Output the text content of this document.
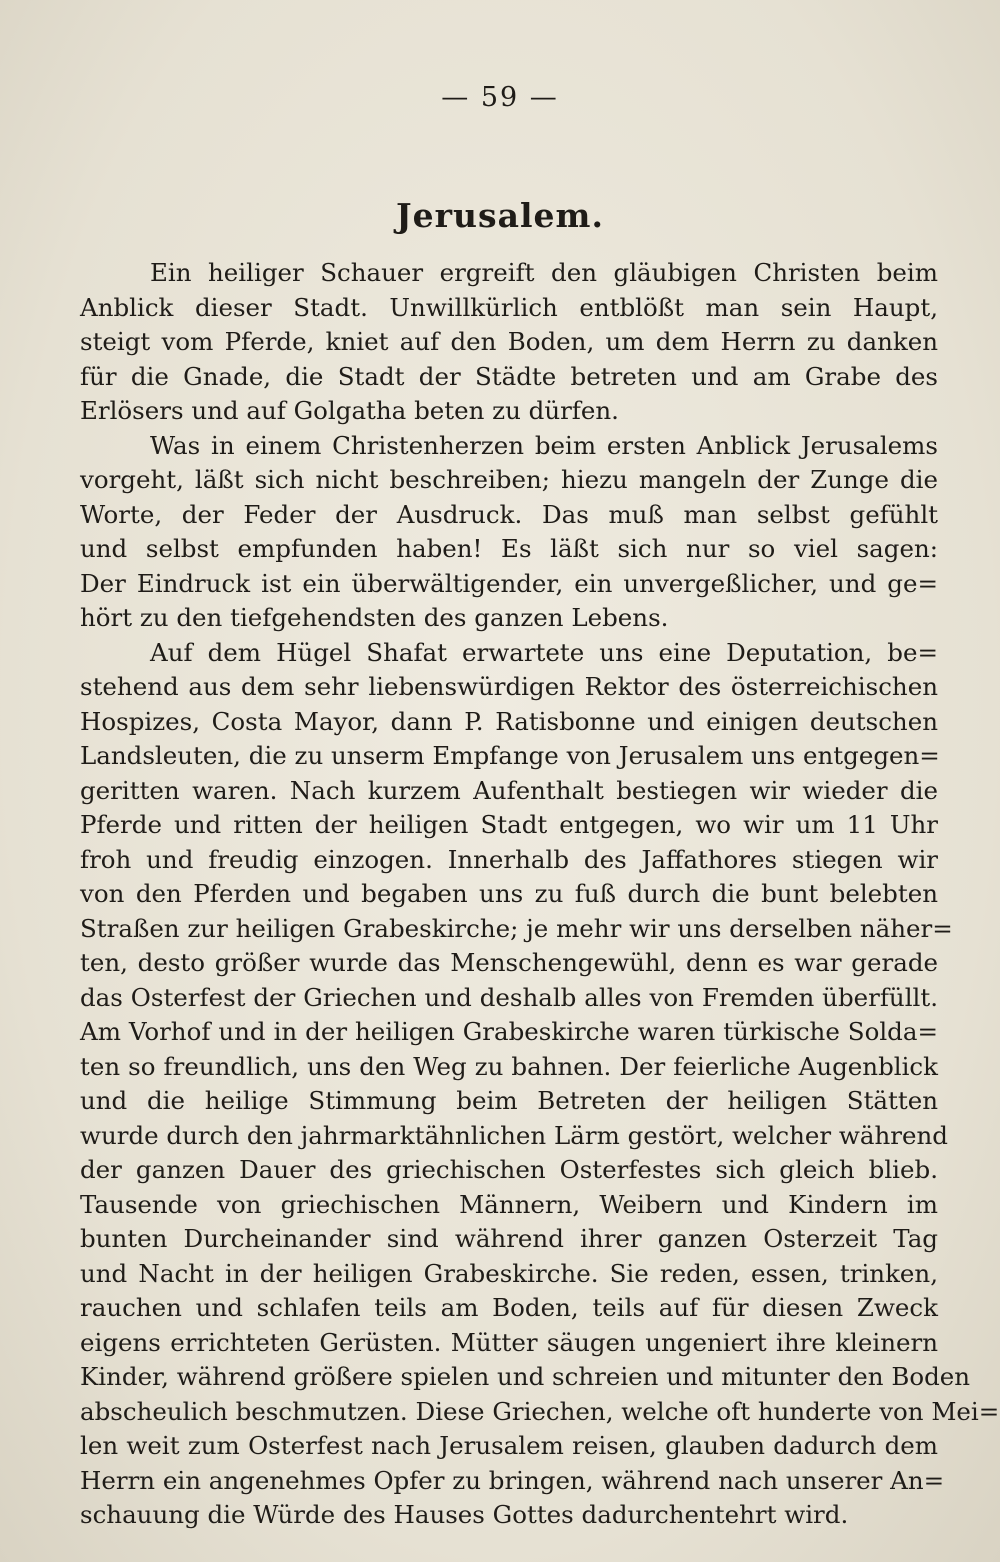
— 59 —
Jerusalem.
Ein heiliger Schauer ergreift den gläubigen Christen beim
Anblick dieser Stadt. Unwillkürlich entblößt man sein Haupt,
steigt vom Pferde, kniet auf den Boden, um dem Herrn zu danken
für die Gnade, die Stadt der Städte betreten und am Grabe des
Erlösers und auf Golgatha beten zu dürfen.
Was in einem Christenherzen beim ersten Anblick Jerusalems
vorgeht, läßt sich nicht beschreiben; hiezu mangeln der Zunge die
Worte, der Feder der Ausdruck. Das muß man selbst gefühlt
und selbst empfunden haben! Es läßt sich nur so viel sagen:
Der Eindruck ist ein überwältigender, ein unvergeßlicher, und ge=
hört zu den tiefgehendsten des ganzen Lebens.
Auf dem Hügel Shafat erwartete uns eine Deputation, be=
stehend aus dem sehr liebenswürdigen Rektor des österreichischen
Hospizes, Costa Mayor, dann P. Ratisbonne und einigen deutschen
Landsleuten, die zu unserm Empfange von Jerusalem uns entgegen=
geritten waren. Nach kurzem Aufenthalt bestiegen wir wieder die
Pferde und ritten der heiligen Stadt entgegen, wo wir um 11 Uhr
froh und freudig einzogen. Innerhalb des Jaffathores stiegen wir
von den Pferden und begaben uns zu fuß durch die bunt belebten
Straßen zur heiligen Grabeskirche; je mehr wir uns derselben näher=
ten, desto größer wurde das Menschengewühl, denn es war gerade
das Osterfest der Griechen und deshalb alles von Fremden überfüllt.
Am Vorhof und in der heiligen Grabeskirche waren türkische Solda=
ten so freundlich, uns den Weg zu bahnen. Der feierliche Augenblick
und die heilige Stimmung beim Betreten der heiligen Stätten
wurde durch den jahrmarktähnlichen Lärm gestört, welcher während
der ganzen Dauer des griechischen Osterfestes sich gleich blieb.
Tausende von griechischen Männern, Weibern und Kindern im
bunten Durcheinander sind während ihrer ganzen Osterzeit Tag
und Nacht in der heiligen Grabeskirche. Sie reden, essen, trinken,
rauchen und schlafen teils am Boden, teils auf für diesen Zweck
eigens errichteten Gerüsten. Mütter säugen ungeniert ihre kleinern
Kinder, während größere spielen und schreien und mitunter den Boden
abscheulich beschmutzen. Diese Griechen, welche oft hunderte von Mei=
len weit zum Osterfest nach Jerusalem reisen, glauben dadurch dem
Herrn ein angenehmes Opfer zu bringen, während nach unserer An=
schauung die Würde des Hauses Gottes dadurchentehrt wird.
